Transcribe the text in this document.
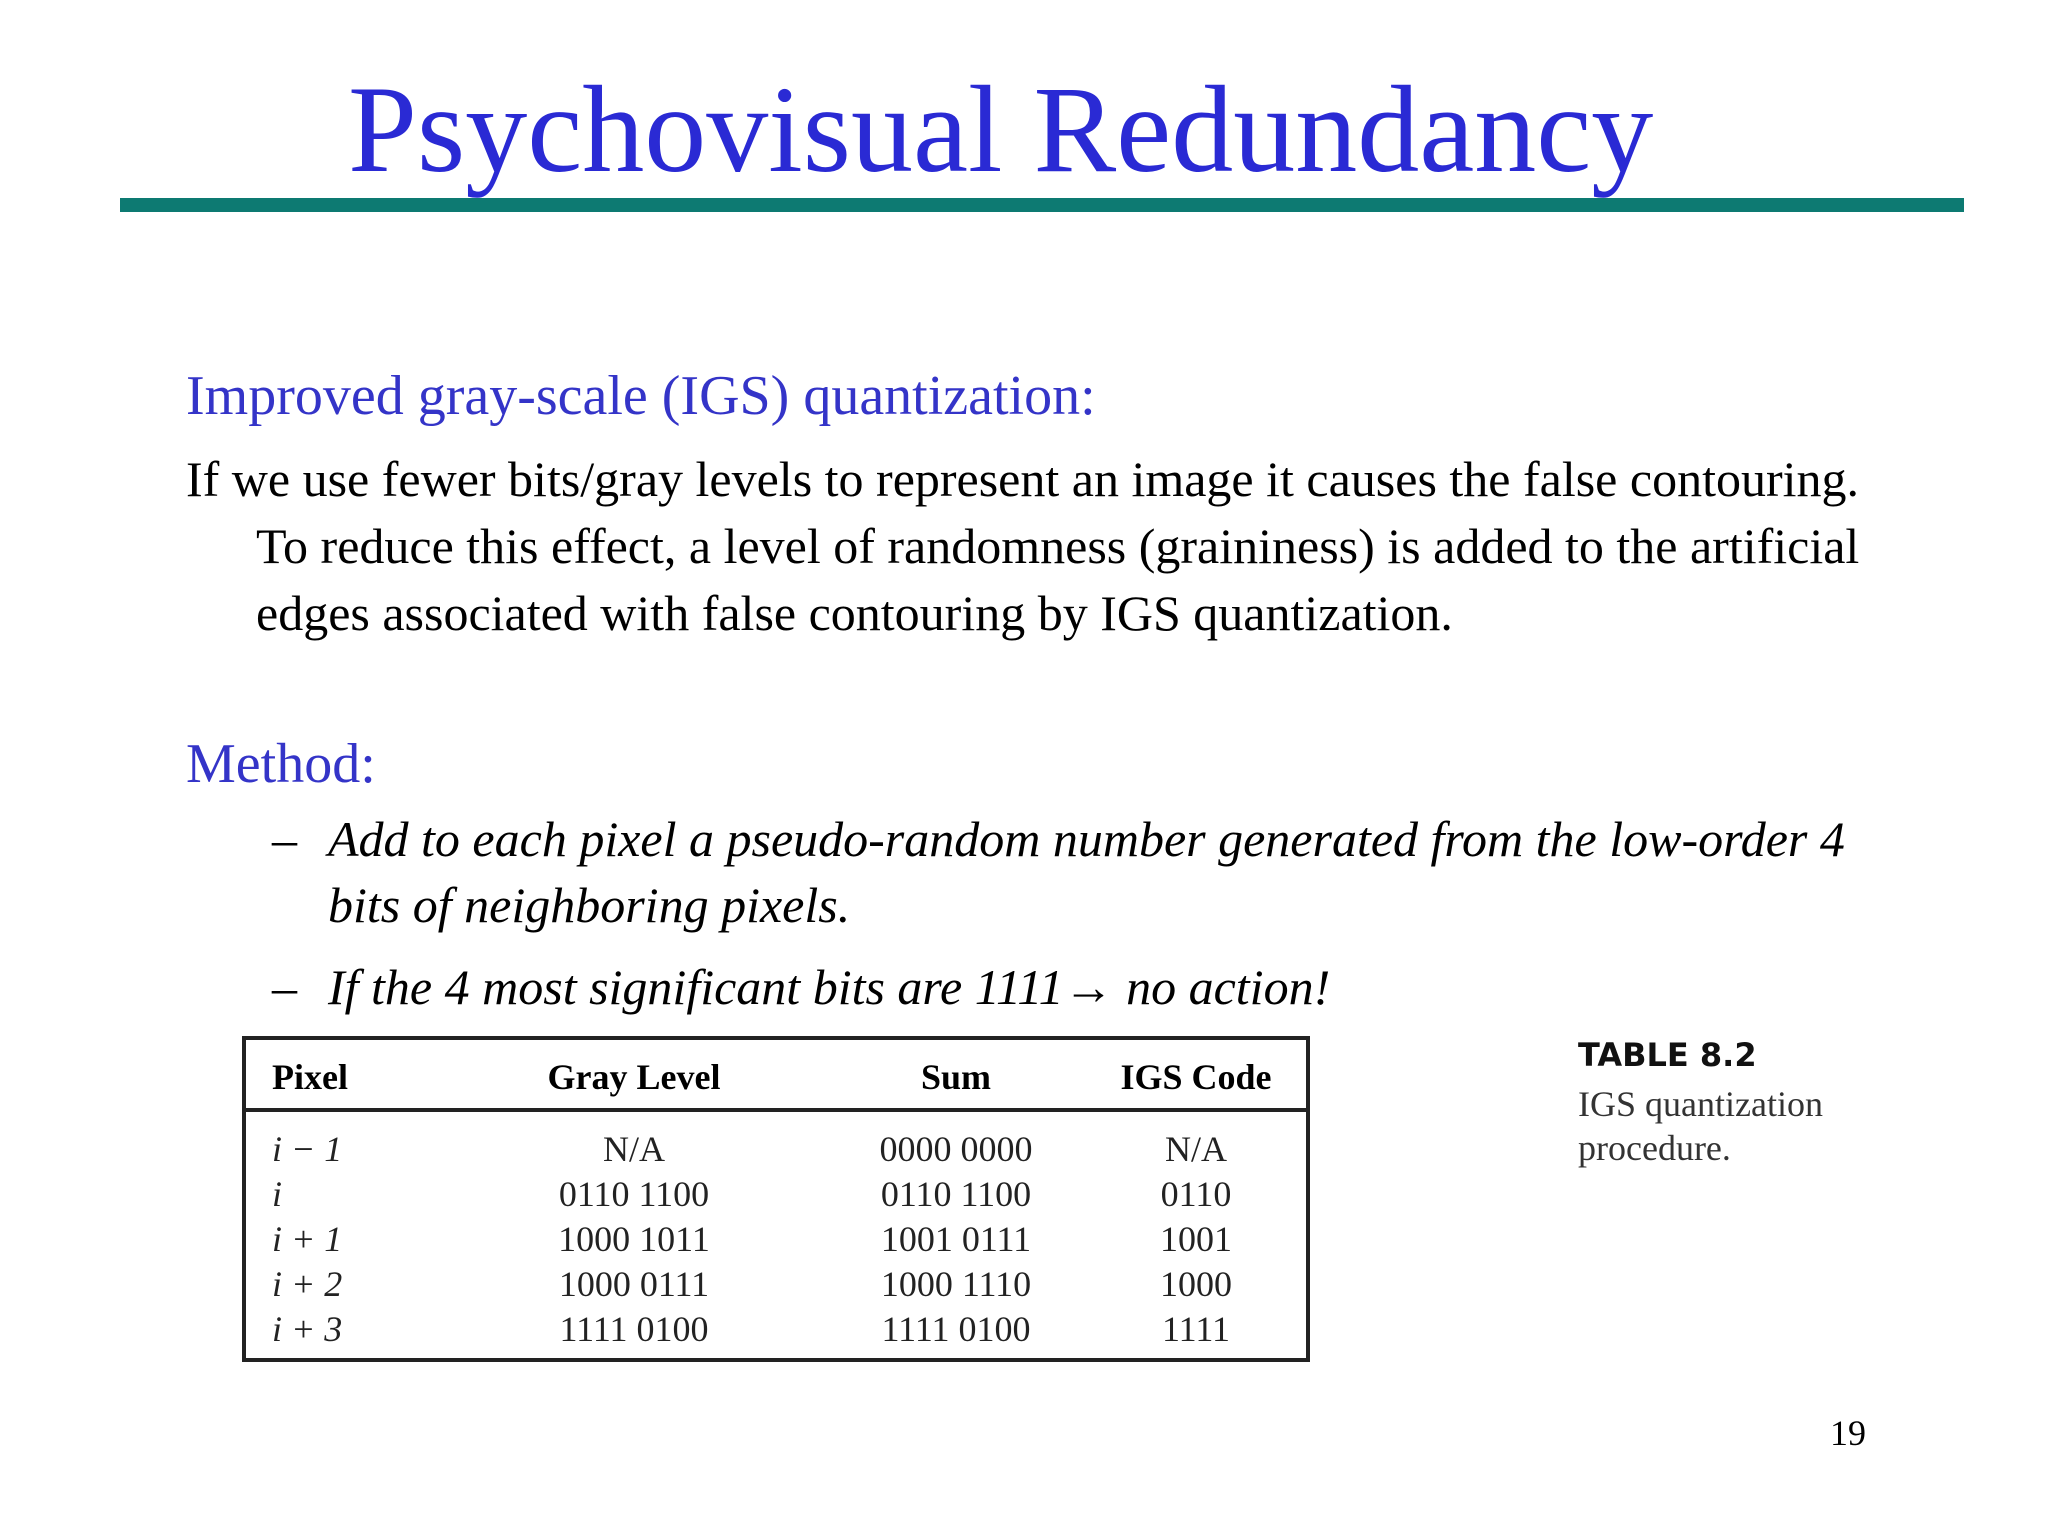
Psychovisual Redundancy
Improved gray-scale (IGS) quantization:
If we use fewer bits/gray levels to represent an image it causes the false contouring. To reduce this effect, a level of randomness (graininess) is added to the artificial edges associated with false contouring by IGS quantization.
Method:
– Add to each pixel a pseudo-random number generated from the low-order 4 bits of neighboring pixels.
– If the 4 most significant bits are 1111→ no action!
Pixel	Gray Level	Sum	IGS Code
i − 1	N/A	0000 0000	N/A
i	0110 1100	0110 1100	0110
i + 1	1000 1011	1001 0111	1001
i + 2	1000 0111	1000 1110	1000
i + 3	1111 0100	1111 0100	1111
TABLE 8.2
IGS quantization procedure.
19
